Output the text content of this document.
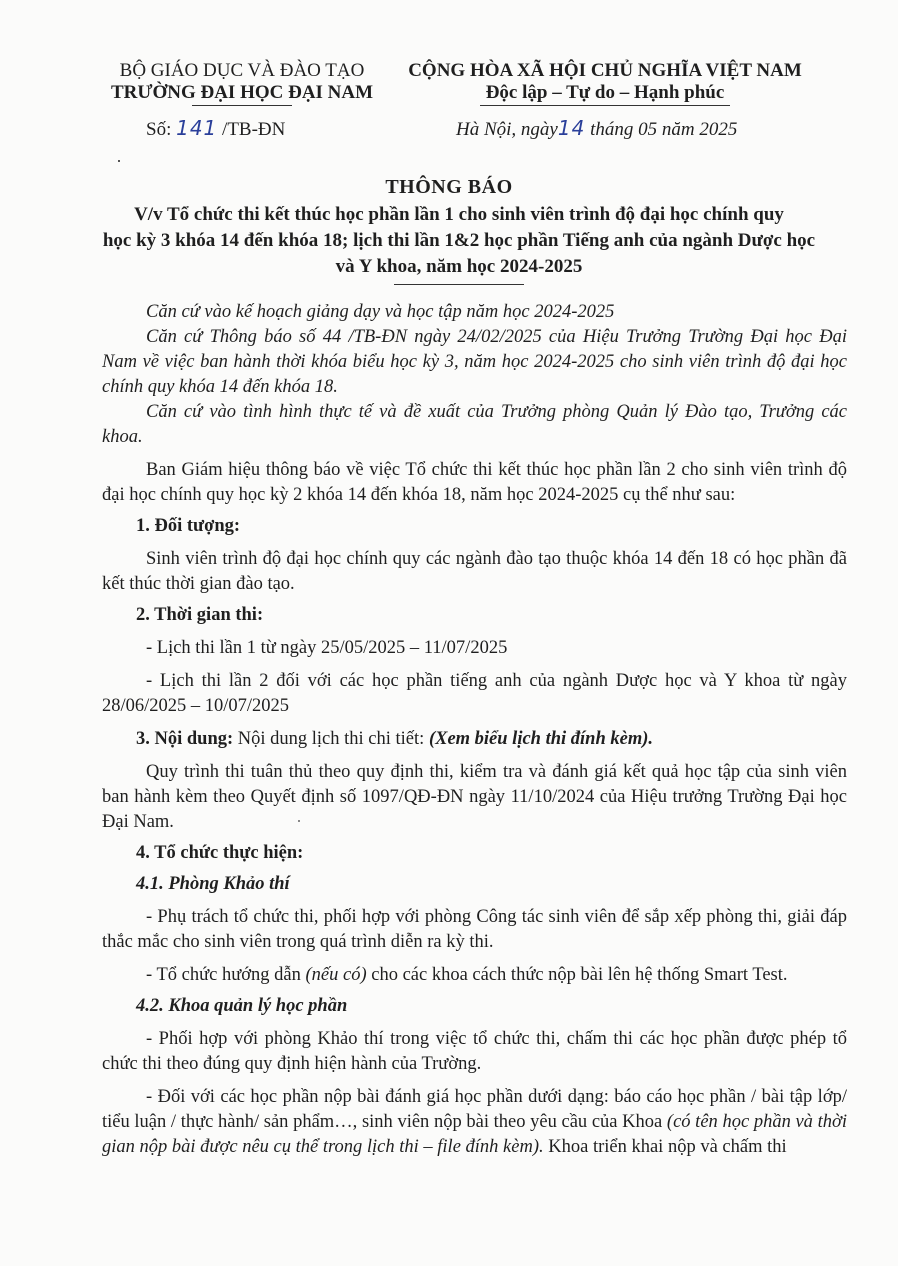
BỘ GIÁO DỤC VÀ ĐÀO TẠO
TRƯỜNG ĐẠI HỌC ĐẠI NAM
CỘNG HÒA XÃ HỘI CHỦ NGHĨA VIỆT NAM
Độc lập – Tự do – Hạnh phúc
Số: 141 /TB-ĐN	Hà Nội, ngày14 tháng 05 năm 2025
THÔNG BÁO
V/v Tổ chức thi kết thúc học phần lần 1 cho sinh viên trình độ đại học chính quy
học kỳ 3 khóa 14 đến khóa 18; lịch thi lần 1&2 học phần Tiếng anh của ngành Dược học
và Y khoa, năm học 2024-2025

Căn cứ vào kế hoạch giảng dạy và học tập năm học 2024-2025

Căn cứ Thông báo số 44 /TB-ĐN ngày 24/02/2025 của Hiệu Trưởng Trường Đại học Đại Nam về việc ban hành thời khóa biểu học kỳ 3, năm học 2024-2025 cho sinh viên trình độ đại học chính quy khóa 14 đến khóa 18.

Căn cứ vào tình hình thực tế và đề xuất của Trưởng phòng Quản lý Đào tạo, Trưởng các khoa.

Ban Giám hiệu thông báo về việc Tổ chức thi kết thúc học phần lần 2 cho sinh viên trình độ đại học chính quy học kỳ 2 khóa 14 đến khóa 18, năm học 2024-2025 cụ thể như sau:

1. Đối tượng:

Sinh viên trình độ đại học chính quy các ngành đào tạo thuộc khóa 14 đến 18 có học phần đã kết thúc thời gian đào tạo.

2. Thời gian thi:

- Lịch thi lần 1 từ ngày 25/05/2025 – 11/07/2025

- Lịch thi lần 2 đối với các học phần tiếng anh của ngành Dược học và Y khoa từ ngày 28/06/2025 – 10/07/2025

3. Nội dung: Nội dung lịch thi chi tiết: (Xem biểu lịch thi đính kèm).

Quy trình thi tuân thủ theo quy định thi, kiểm tra và đánh giá kết quả học tập của sinh viên ban hành kèm theo Quyết định số 1097/QĐ-ĐN ngày 11/10/2024 của Hiệu trưởng Trường Đại học Đại Nam.

4. Tổ chức thực hiện:

4.1. Phòng Khảo thí

- Phụ trách tổ chức thi, phối hợp với phòng Công tác sinh viên để sắp xếp phòng thi, giải đáp thắc mắc cho sinh viên trong quá trình diễn ra kỳ thi.

- Tổ chức hướng dẫn (nếu có) cho các khoa cách thức nộp bài lên hệ thống Smart Test.

4.2. Khoa quản lý học phần

- Phối hợp với phòng Khảo thí trong việc tổ chức thi, chấm thi các học phần được phép tổ chức thi theo đúng quy định hiện hành của Trường.

- Đối với các học phần nộp bài đánh giá học phần dưới dạng: báo cáo học phần / bài tập lớp/ tiểu luận / thực hành/ sản phẩm…, sinh viên nộp bài theo yêu cầu của Khoa (có tên học phần và thời gian nộp bài được nêu cụ thể trong lịch thi – file đính kèm). Khoa triển khai nộp và chấm thi
